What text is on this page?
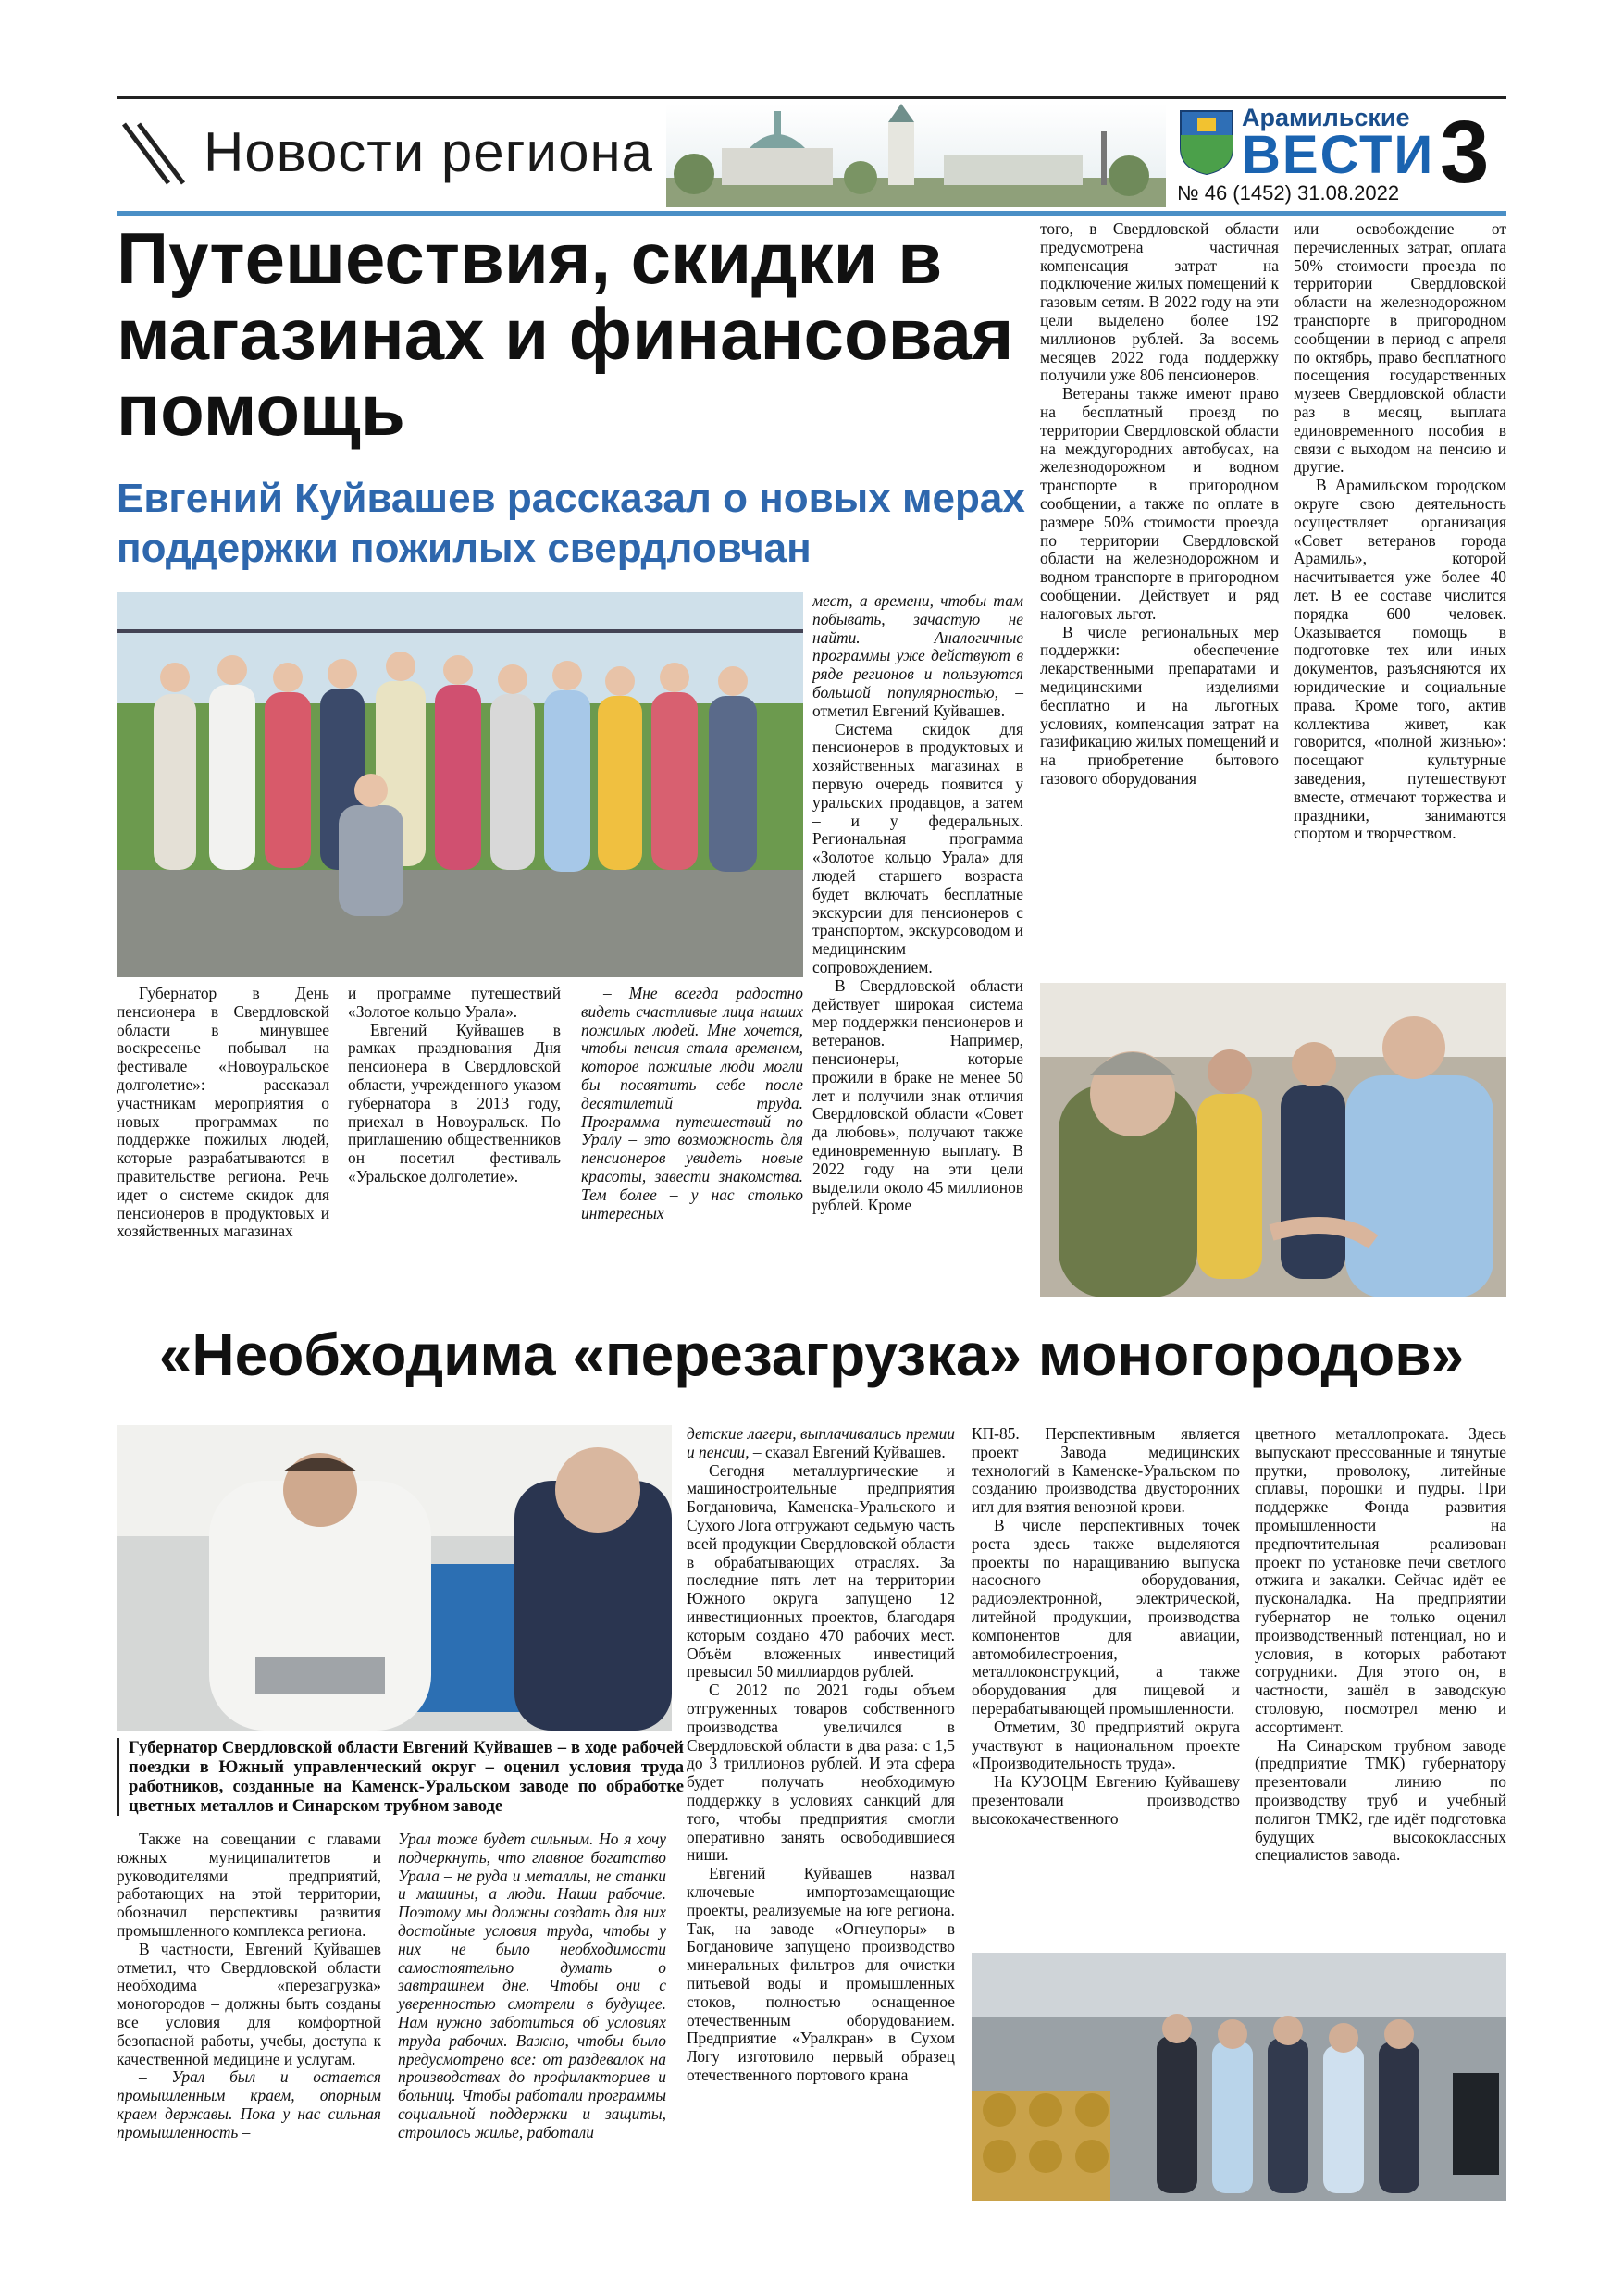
Новости региона
Арамильские
ВЕСТИ
№ 46 (1452) 31.08.2022 3
Путешествия, скидки в магазинах и финансовая помощь
Евгений Куйвашев рассказал о новых мерах поддержки пожилых свердловчан

мест, а времени, чтобы там побывать, зачастую не найти. Аналогичные программы уже действуют в ряде регионов и пользуются большой популярностью, – отметил Евгений Куйвашев.

Система скидок для пенсионеров в продуктовых и хозяйственных магазинах в первую очередь появится у уральских продавцов, а затем – и у федеральных. Региональная программа «Золотое кольцо Урала» для людей старшего возраста будет включать бесплатные экскурсии для пенсионеров с транспортом, экскурсоводом и медицинским сопровождением.

В Свердловской области действует широкая система мер поддержки пенсионеров и ветеранов. Например, пенсионеры, которые прожили в браке не менее 50 лет и получили знак отличия Свердловской области «Совет да любовь», получают также единовременную выплату. В 2022 году на эти цели выделили около 45 миллионов рублей. Кроме

того, в Свердловской области предусмотрена частичная компенсация затрат на подключение жилых помещений к газовым сетям. В 2022 году на эти цели выделено более 192 миллионов рублей. За восемь месяцев 2022 года поддержку получили уже 806 пенсионеров.

Ветераны также имеют право на бесплатный проезд по территории Свердловской области на междугородних автобусах, на железнодорожном и водном транспорте в пригородном сообщении, а также по оплате в размере 50% стоимости проезда по территории Свердловской области на железнодорожном и водном транспорте в пригородном сообщении. Действует и ряд налоговых льгот.

В числе региональных мер поддержки: обеспечение лекарственными препаратами и медицинскими изделиями бесплатно и на льготных условиях, компенсация затрат на газификацию жилых помещений и на приобретение бытового газового оборудования

или освобождение от перечисленных затрат, оплата 50% стоимости проезда по территории Свердловской области на железнодорожном транспорте в пригородном сообщении в период с апреля по октябрь, право бесплатного посещения государственных музеев Свердловской области раз в месяц, выплата единовременного пособия в связи с выходом на пенсию и другие.

В Арамильском городском округе свою деятельность осуществляет организация «Совет ветеранов города Арамиль», которой насчитывается уже более 40 лет. В ее составе числится порядка 600 человек. Оказывается помощь в подготовке тех или иных документов, разъясняются их юридические и социальные права. Кроме того, актив коллектива живет, как говорится, «полной жизнью»: посещают культурные заведения, путешествуют вместе, отмечают торжества и праздники, занимаются спортом и творчеством.

Губернатор в День пенсионера в Свердловской области в минувшее воскресенье побывал на фестивале «Новоуральское долголетие»: рассказал участникам мероприятия о новых программах по поддержке пожилых людей, которые разрабатываются в правительстве региона. Речь идет о системе скидок для пенсионеров в продуктовых и хозяйственных магазинах

и программе путешествий «Золотое кольцо Урала».

Евгений Куйвашев в рамках празднования Дня пенсионера в Свердловской области, учрежденного указом губернатора в 2013 году, приехал в Новоуральск. По приглашению общественников он посетил фестиваль «Уральское долголетие».

– Мне всегда радостно видеть счастливые лица наших пожилых людей. Мне хочется, чтобы пенсия стала временем, которое пожилые люди могли бы посвятить себе после десятилетий труда. Программа путешествий по Уралу – это возможность для пенсионеров увидеть новые красоты, завести знакомства. Тем более – у нас столько интересных

«Необходима «перезагрузка» моногородов»
Губернатор Свердловской области Евгений Куйвашев – в ходе рабочей поездки в Южный управленческий округ – оценил условия труда работников, созданные на Каменск-Уральском заводе по обработке цветных металлов и Синарском трубном заводе

Также на совещании с главами южных муниципалитетов и руководителями предприятий, работающих на этой территории, обозначил перспективы развития промышленного комплекса региона.

В частности, Евгений Куйвашев отметил, что Свердловской области необходима «перезагрузка» моногородов – должны быть созданы все условия для комфортной безопасной работы, учебы, доступа к качественной медицине и услугам.

– Урал был и остается промышленным краем, опорным краем державы. Пока у нас сильная промышленность –

Урал тоже будет сильным. Но я хочу подчеркнуть, что главное богатство Урала – не руда и металлы, не станки и машины, а люди. Наши рабочие. Поэтому мы должны создать для них достойные условия труда, чтобы у них не было необходимости самостоятельно думать о завтрашнем дне. Чтобы они с уверенностью смотрели в будущее. Нам нужно заботиться об условиях труда рабочих. Важно, чтобы было предусмотрено все: от раздевалок на производствах до профилакториев и больниц. Чтобы работали программы социальной поддержки и защиты, строилось жилье, работали

детские лагери, выплачивались премии и пенсии, – сказал Евгений Куйвашев.

Сегодня металлургические и машиностроительные предприятия Богдановича, Каменска-Уральского и Сухого Лога отгружают седьмую часть всей продукции Свердловской области в обрабатывающих отраслях. За последние пять лет на территории Южного округа запущено 12 инвестиционных проектов, благодаря которым создано 470 рабочих мест. Объём вложенных инвестиций превысил 50 миллиардов рублей.

С 2012 по 2021 годы объем отгруженных товаров собственного производства увеличился в Свердловской области в два раза: с 1,5 до 3 триллионов рублей. И эта сфера будет получать необходимую поддержку в условиях санкций для того, чтобы предприятия смогли оперативно занять освободившиеся ниши.

Евгений Куйвашев назвал ключевые импортозамещающие проекты, реализуемые на юге региона. Так, на заводе «Огнеупоры» в Богдановиче запущено производство минеральных фильтров для очистки питьевой воды и промышленных стоков, полностью оснащенное отечественным оборудованием. Предприятие «Уралкран» в Сухом Логу изготовило первый образец отечественного портового крана

КП-85. Перспективным является проект Завода медицинских технологий в Каменске-Уральском по созданию производства двусторонних игл для взятия венозной крови.

В числе перспективных точек роста здесь также выделяются проекты по наращиванию выпуска насосного оборудования, радиоэлектронной, электрической, литейной продукции, производства компонентов для авиации, автомобилестроения, металлоконструкций, а также оборудования для пищевой и перерабатывающей промышленности.

Отметим, 30 предприятий округа участвуют в национальном проекте «Производительность труда».

На КУЗОЦМ Евгению Куйвашеву презентовали производство высококачественного

цветного металлопроката. Здесь выпускают прессованные и тянутые прутки, проволоку, литейные сплавы, порошки и пудры. При поддержке Фонда развития промышленности на предпочтительная реализован проект по установке печи светлого отжига и закалки. Сейчас идёт ее пусконаладка. На предприятии губернатор не только оценил производственный потенциал, но и условия, в которых работают сотрудники. Для этого он, в частности, зашёл в заводскую столовую, посмотрел меню и ассортимент.

На Синарском трубном заводе (предприятие ТМК) губернатору презентовали линию по производству труб и учебный полигон ТМК2, где идёт подготовка будущих высококлассных специалистов завода.
